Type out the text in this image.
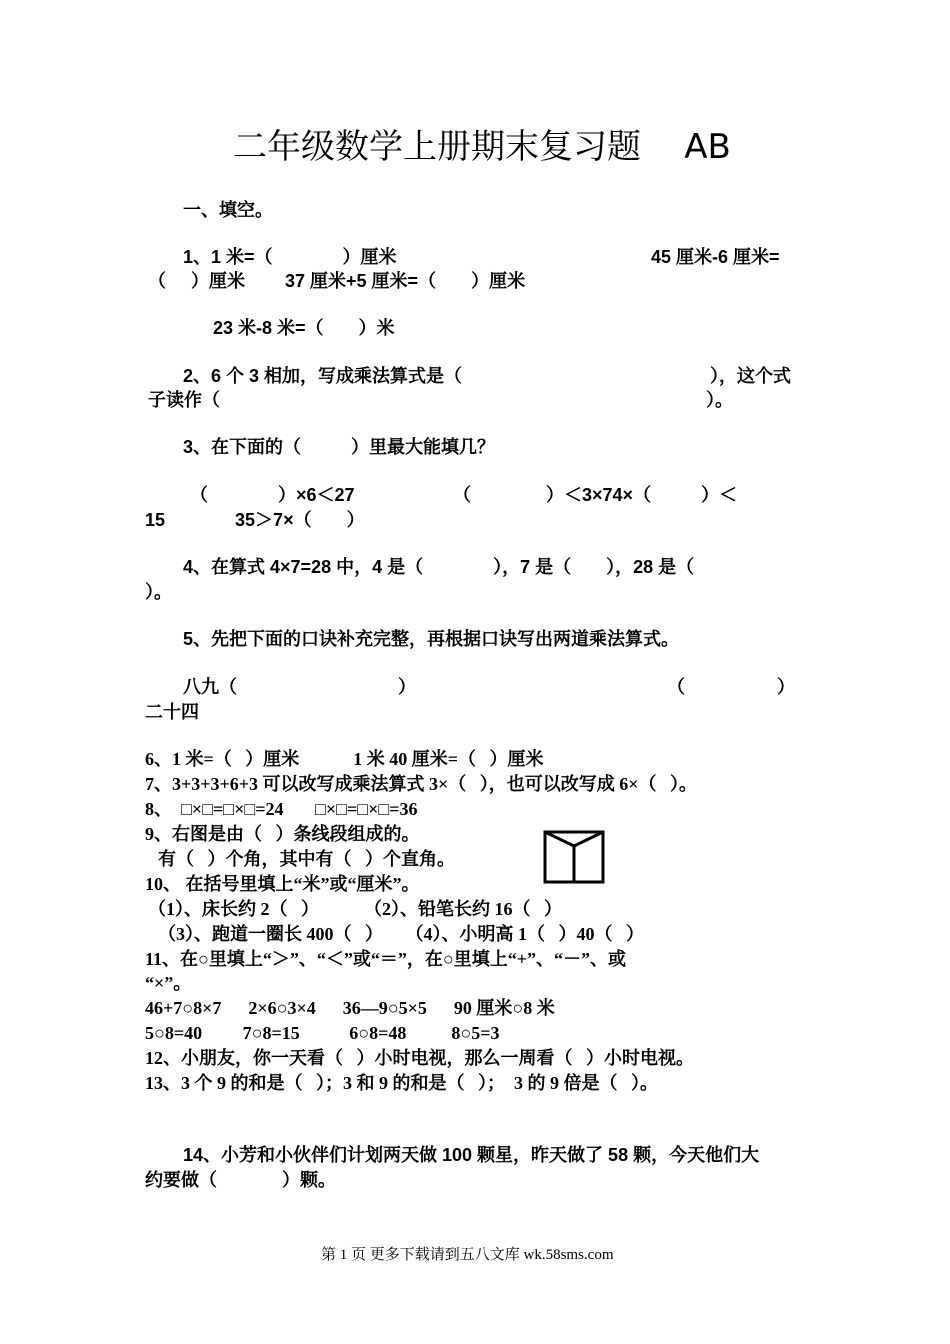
二年级数学上册期末复习题    AB
一、填空。
1、1 米=（              ）厘米	45 厘米-6 厘米=
（     ）厘米        37 厘米+5 厘米=（       ）厘米
23 米-8 米=（       ）米
2、6 个 3 相加，写成乘法算式是（	），这个式
子读作（	）。
3、在下面的（          ）里最大能填几？
（              ）×6＜27	（               ）＜3×74×（          ）＜
15              35＞7×（       ）
4、在算式 4×7=28 中，4 是（              ），7 是（       ），28 是（
）。
5、先把下面的口诀补充完整，再根据口诀写出两道乘法算式。
八九（	）	（	）
二十四
6、1 米=（   ）厘米            1 米 40 厘米=（   ）厘米
7、3+3+3+6+3 可以改写成乘法算式 3×（   ），也可以改写成 6×（   ）。
8、  □×□=□×□=24       □×□=□×□=36
9、右图是由（   ）条线段组成的。
有（   ）个角，其中有（   ）个直角。
10、 在括号里填上“米”或“厘米”。
（1）、床长约 2（   ）          （2）、铅笔长约 16（   ）
（3）、跑道一圈长 400（   ）     （4）、小明高 1（   ）40（   ）
11、在○里填上“＞”、“＜”或“＝”，在○里填上“+”、“－”、或
“×”。
46+7○8×7      2×6○3×4      36—9○5×5      90 厘米○8 米
5○8=40         7○8=15           6○8=48          8○5=3
12、小朋友，你一天看（   ）小时电视，那么一周看（   ）小时电视。
13、3 个 9 的和是（   ）；3 和 9 的和是（   ）；  3 的 9 倍是（   ）。
14、小芳和小伙伴们计划两天做 100 颗星，昨天做了 58 颗，今天他们大
约要做（             ）颗。
第 1 页 更多下载请到五八文库 wk.58sms.com
